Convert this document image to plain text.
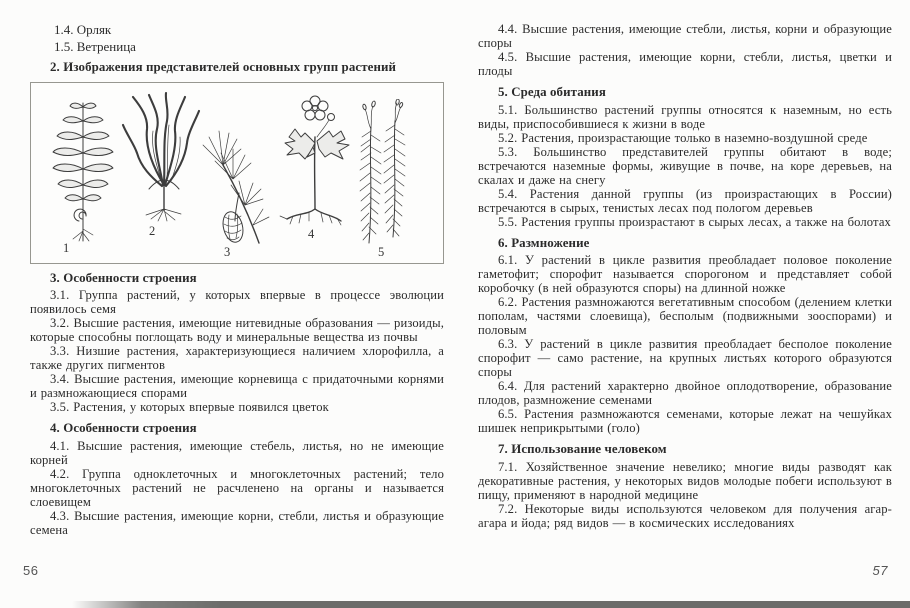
1.4. Орляк

1.5. Ветреница

2. Изображения представителей основных групп растений
1
2
3
4
5
3. Особенности строения

3.1. Группа растений, у которых впервые в процессе эволюции появилось семя

3.2. Высшие растения, имеющие нитевидные образования — ризоиды, которые способны поглощать воду и минеральные вещества из почвы

3.3. Низшие растения, характеризующиеся наличием хлорофилла, а также других пигментов

3.4. Высшие растения, имеющие корневища с придаточными корнями и размножающиеся спорами

3.5. Растения, у которых впервые появился цветок

4. Особенности строения

4.1. Высшие растения, имеющие стебель, листья, но не имеющие корней

4.2. Группа одноклеточных и многоклеточных растений; тело многоклеточных растений не расчленено на органы и называется слоевищем

4.3. Высшие растения, имеющие корни, стебли, листья и образующие семена

56

4.4. Высшие растения, имеющие стебли, листья, корни и образующие споры

4.5. Высшие растения, имеющие корни, стебли, листья, цветки и плоды

5. Среда обитания

5.1. Большинство растений группы относятся к наземным, но есть виды, приспособившиеся к жизни в воде

5.2. Растения, произрастающие только в наземно-воздушной среде

5.3. Большинство представителей группы обитают в воде; встречаются наземные формы, живущие в почве, на коре деревьев, на скалах и даже на снегу

5.4. Растения данной группы (из произрастающих в России) встречаются в сырых, тенистых лесах под пологом деревьев

5.5. Растения группы произрастают в сырых лесах, а также на болотах

6. Размножение

6.1. У растений в цикле развития преобладает половое поколение гаметофит; спорофит называется спорогоном и представляет собой коробочку (в ней образуются споры) на длинной ножке

6.2. Растения размножаются вегетативным способом (делением клетки пополам, частями слоевища), бесполым (подвижными зооспорами) и половым

6.3. У растений в цикле развития преобладает бесполое поколение спорофит — само растение, на крупных листьях которого образуются споры

6.4. Для растений характерно двойное оплодотворение, образование плодов, размножение семенами

6.5. Растения размножаются семенами, которые лежат на чешуйках шишек неприкрытыми (голо)

7. Использование человеком

7.1. Хозяйственное значение невелико; многие виды разводят как декоративные растения, у некоторых видов молодые побеги используют в пищу, применяют в народной медицине

7.2. Некоторые виды используются человеком для получения агар-агара и йода; ряд видов — в космических исследованиях

57
